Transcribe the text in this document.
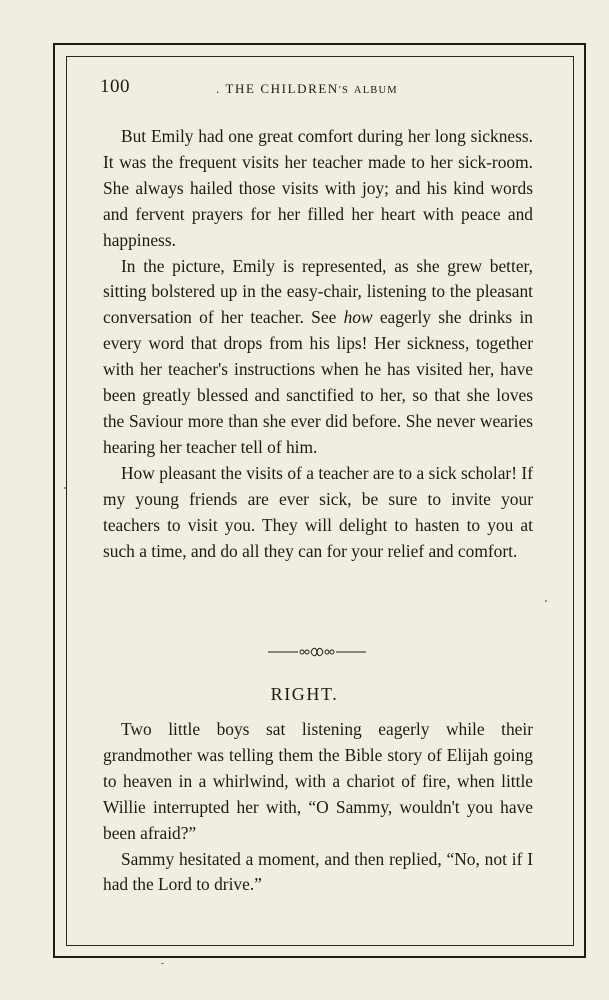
100	. THE CHILDREN'S ALBUM

But Emily had one great comfort during her long sickness. It was the frequent visits her teacher made to her sick-room. She always hailed those visits with joy; and his kind words and fervent prayers for her filled her heart with peace and happiness.

In the picture, Emily is represented, as she grew better, sitting bolstered up in the easy-chair, listening to the pleasant conversation of her teacher. See how eagerly she drinks in every word that drops from his lips! Her sickness, together with her teacher's instructions when he has visited her, have been greatly blessed and sanctified to her, so that she loves the Saviour more than she ever did before. She never wearies hearing her teacher tell of him.

How pleasant the visits of a teacher are to a sick scholar! If my young friends are ever sick, be sure to invite your teachers to visit you. They will delight to hasten to you at such a time, and do all they can for your relief and comfort.

RIGHT.

Two little boys sat listening eagerly while their grandmother was telling them the Bible story of Elijah going to heaven in a whirlwind, with a chariot of fire, when little Willie interrupted her with, “O Sammy, wouldn't you have been afraid?”

Sammy hesitated a moment, and then replied, “No, not if I had the Lord to drive.”
